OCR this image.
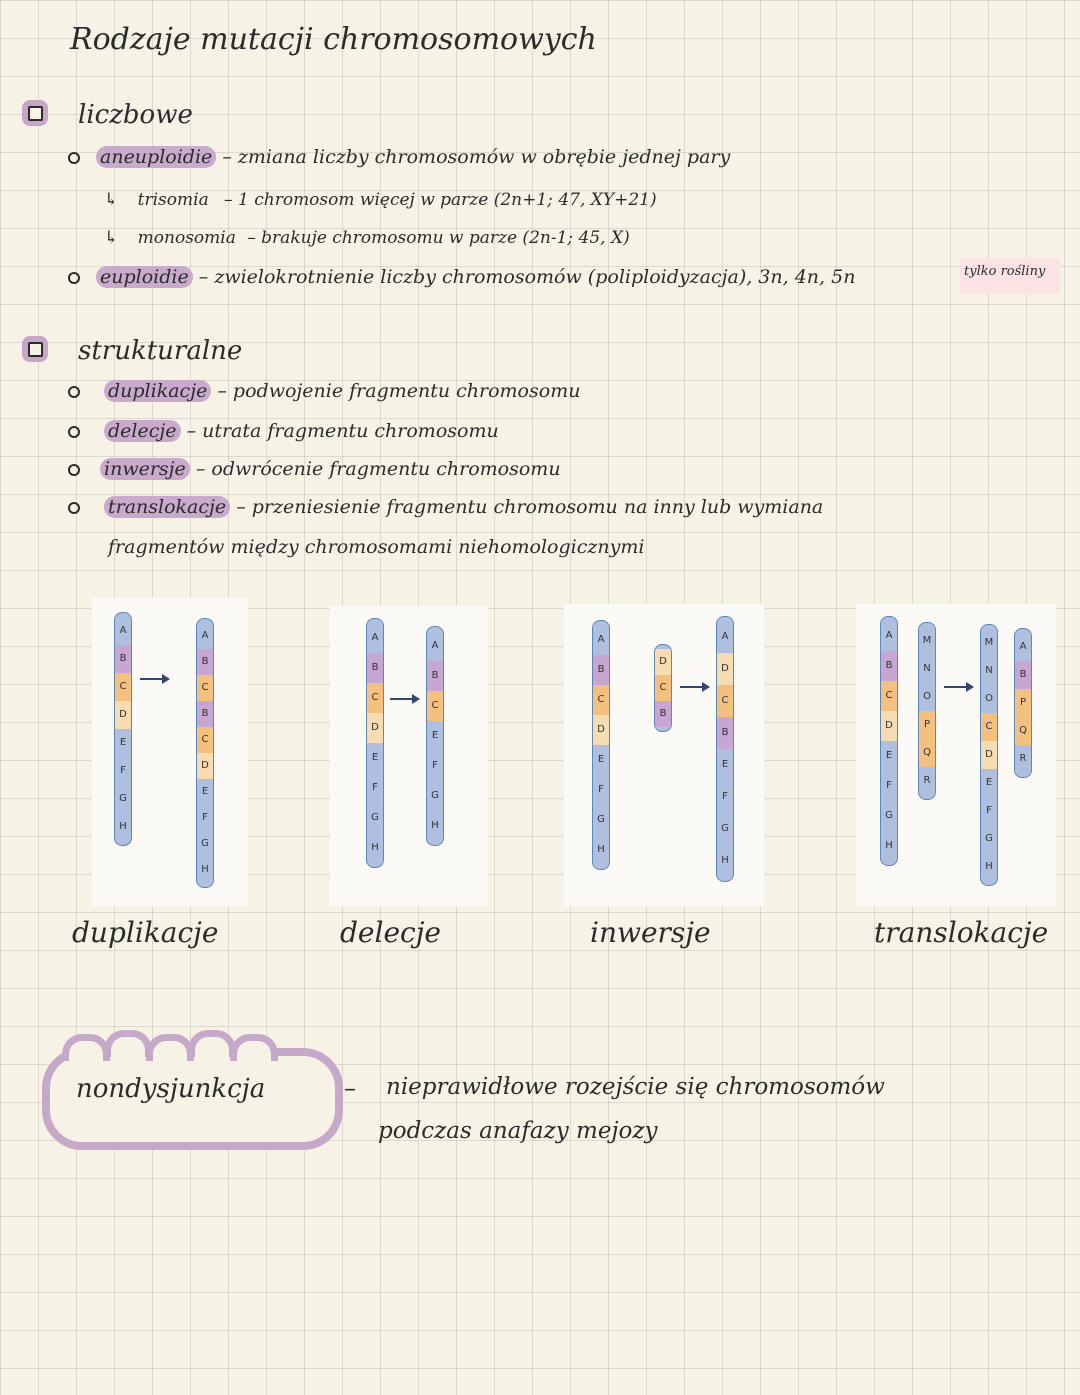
Rodzaje mutacji chromosomowych
liczbowe
aneuploidie – zmiana liczby chromosomów w obrębie jednej pary
↳ trisomia – 1 chromosom więcej w parze (2n+1; 47, XY+21)
↳ monosomia – brakuje chromosomu w parze (2n-1; 45, X)
euploidie – zwielokrotnienie liczby chromosomów (poliploidyzacja), 3n, 4n, 5n	tylko rośliny
strukturalne
duplikacje – podwojenie fragmentu chromosomu
delecje – utrata fragmentu chromosomu
inwersje – odwrócenie fragmentu chromosomu
translokacje – przeniesienie fragmentu chromosomu na inny lub wymiana
fragmentów między chromosomami niehomologicznymi
A
B
C
D
E
F
G
H
A
B
C
B
C
D
E
F
G
H
A
B
C
D
E
F
G
H
A
B
C
E
F
G
H
A
B
C
D
E
F
G
H
D
C
B
A
D
C
B
E
F
G
H
A
B
C
D
E
F
G
H
M
N
O
P
Q
R
M
N
O
C
D
E
F
G
H
A
B
P
Q
R
duplikacje	delecje	inwersje	translokacje
nondysjunkcja	– nieprawidłowe rozejście się chromosomów
podczas anafazy mejozy
